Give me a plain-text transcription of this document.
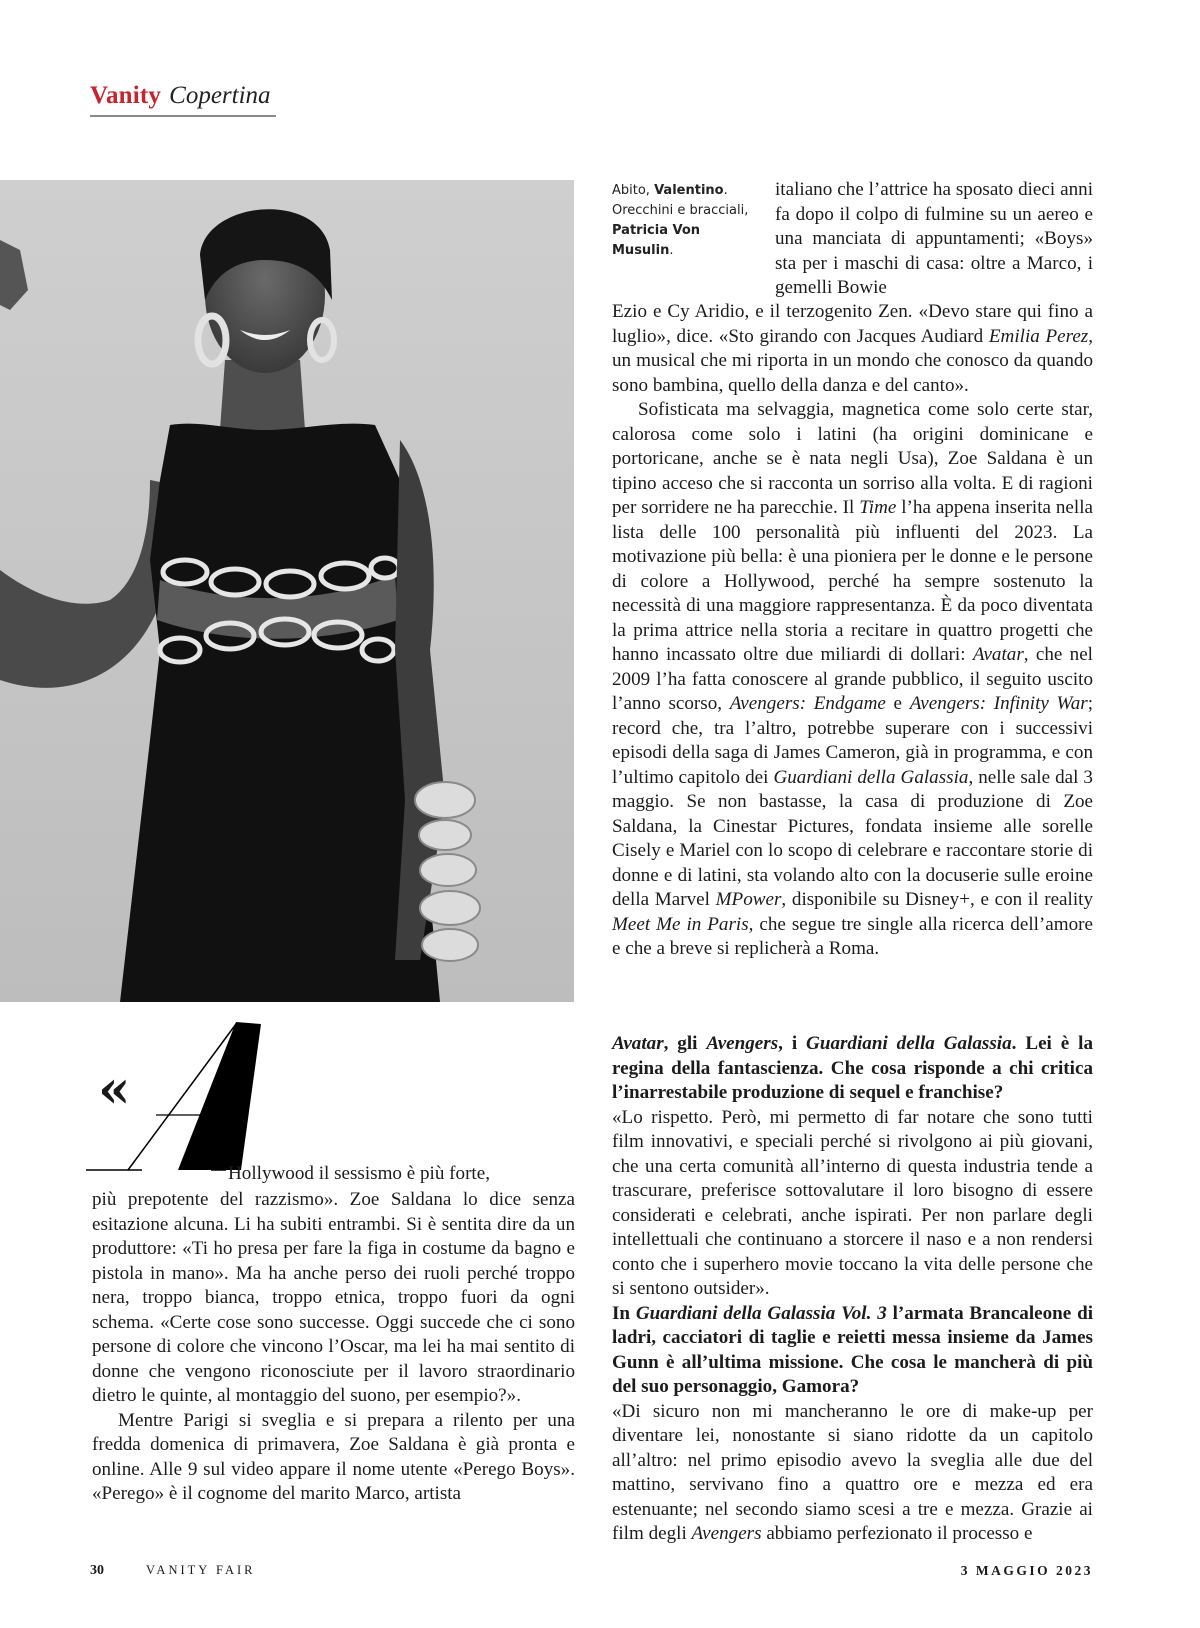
Vanity Copertina
Abito, Valentino. Orecchini e bracciali, Patricia Von Musulin.

italiano che l’attrice ha sposato dieci anni fa dopo il colpo di fulmine su un aereo e una manciata di appuntamenti; «Boys» sta per i maschi di casa: oltre a Marco, i gemelli Bowie

Ezio e Cy Aridio, e il terzogenito Zen. «Devo stare qui fino a luglio», dice. «Sto girando con Jacques Audiard Emilia Perez, un musical che mi riporta in un mondo che conosco da quando sono bambina, quello della danza e del canto».

Sofisticata ma selvaggia, magnetica come solo certe star, calorosa come solo i latini (ha origini dominicane e portoricane, anche se è nata negli Usa), Zoe Saldana è un tipino acceso che si racconta un sorriso alla volta. E di ragioni per sorridere ne ha parecchie. Il Time l’ha appena inserita nella lista delle 100 personalità più influenti del 2023. La motivazione più bella: è una pioniera per le donne e le persone di colore a Hollywood, perché ha sempre sostenuto la necessità di una maggiore rappresentanza. È da poco diventata la prima attrice nella storia a recitare in quattro progetti che hanno incassato oltre due miliardi di dollari: Avatar, che nel 2009 l’ha fatta conoscere al grande pubblico, il seguito uscito l’anno scorso, Avengers: Endgame e Avengers: Infinity War; record che, tra l’altro, potrebbe superare con i successivi episodi della saga di James Cameron, già in programma, e con l’ultimo capitolo dei Guardiani della Galassia, nelle sale dal 3 maggio. Se non bastasse, la casa di produzione di Zoe Saldana, la Cinestar Pictures, fondata insieme alle sorelle Cisely e Mariel con lo scopo di celebrare e raccontare storie di donne e di latini, sta volando alto con la docuserie sulle eroine della Marvel MPower, disponibile su Disney+, e con il reality Meet Me in Paris, che segue tre single alla ricerca dell’amore e che a breve si replicherà a Roma.

Avatar, gli Avengers, i Guardiani della Galassia. Lei è la regina della fantascienza. Che cosa risponde a chi critica l’inarrestabile produzione di sequel e franchise?

«Lo rispetto. Però, mi permetto di far notare che sono tutti film innovativi, e speciali perché si rivolgono ai più giovani, che una certa comunità all’interno di questa industria tende a trascurare, preferisce sottovalutare il loro bisogno di essere considerati e celebrati, anche ispirati. Per non parlare degli intellettuali che continuano a storcere il naso e a non rendersi conto che i superhero movie toccano la vita delle persone che si sentono outsider».

In Guardiani della Galassia Vol. 3 l’armata Brancaleone di ladri, cacciatori di taglie e reietti messa insieme da James Gunn è all’ultima missione. Che cosa le mancherà di più del suo personaggio, Gamora?

«Di sicuro non mi mancheranno le ore di make-up per diventare lei, nonostante si siano ridotte da un capitolo all’altro: nel primo episodio avevo la sveglia alle due del mattino, servivano fino a quattro ore e mezza ed era estenuante; nel secondo siamo scesi a tre e mezza. Grazie ai film degli Avengers abbiamo perfezionato il processo e

A
«

Hollywood il sessismo è più forte,

più prepotente del razzismo». Zoe Saldana lo dice senza esitazione alcuna. Li ha subiti entrambi. Si è sentita dire da un produttore: «Ti ho presa per fare la figa in costume da bagno e pistola in mano». Ma ha anche perso dei ruoli perché troppo nera, troppo bianca, troppo etnica, troppo fuori da ogni schema. «Certe cose sono successe. Oggi succede che ci sono persone di colore che vincono l’Oscar, ma lei ha mai sentito di donne che vengono riconosciute per il lavoro straordinario dietro le quinte, al montaggio del suono, per esempio?».

Mentre Parigi si sveglia e si prepara a rilento per una fredda domenica di primavera, Zoe Saldana è già pronta e online. Alle 9 sul video appare il nome utente «Perego Boys». «Perego» è il cognome del marito Marco, artista

30	VANITY FAIR	3 MAGGIO 2023
